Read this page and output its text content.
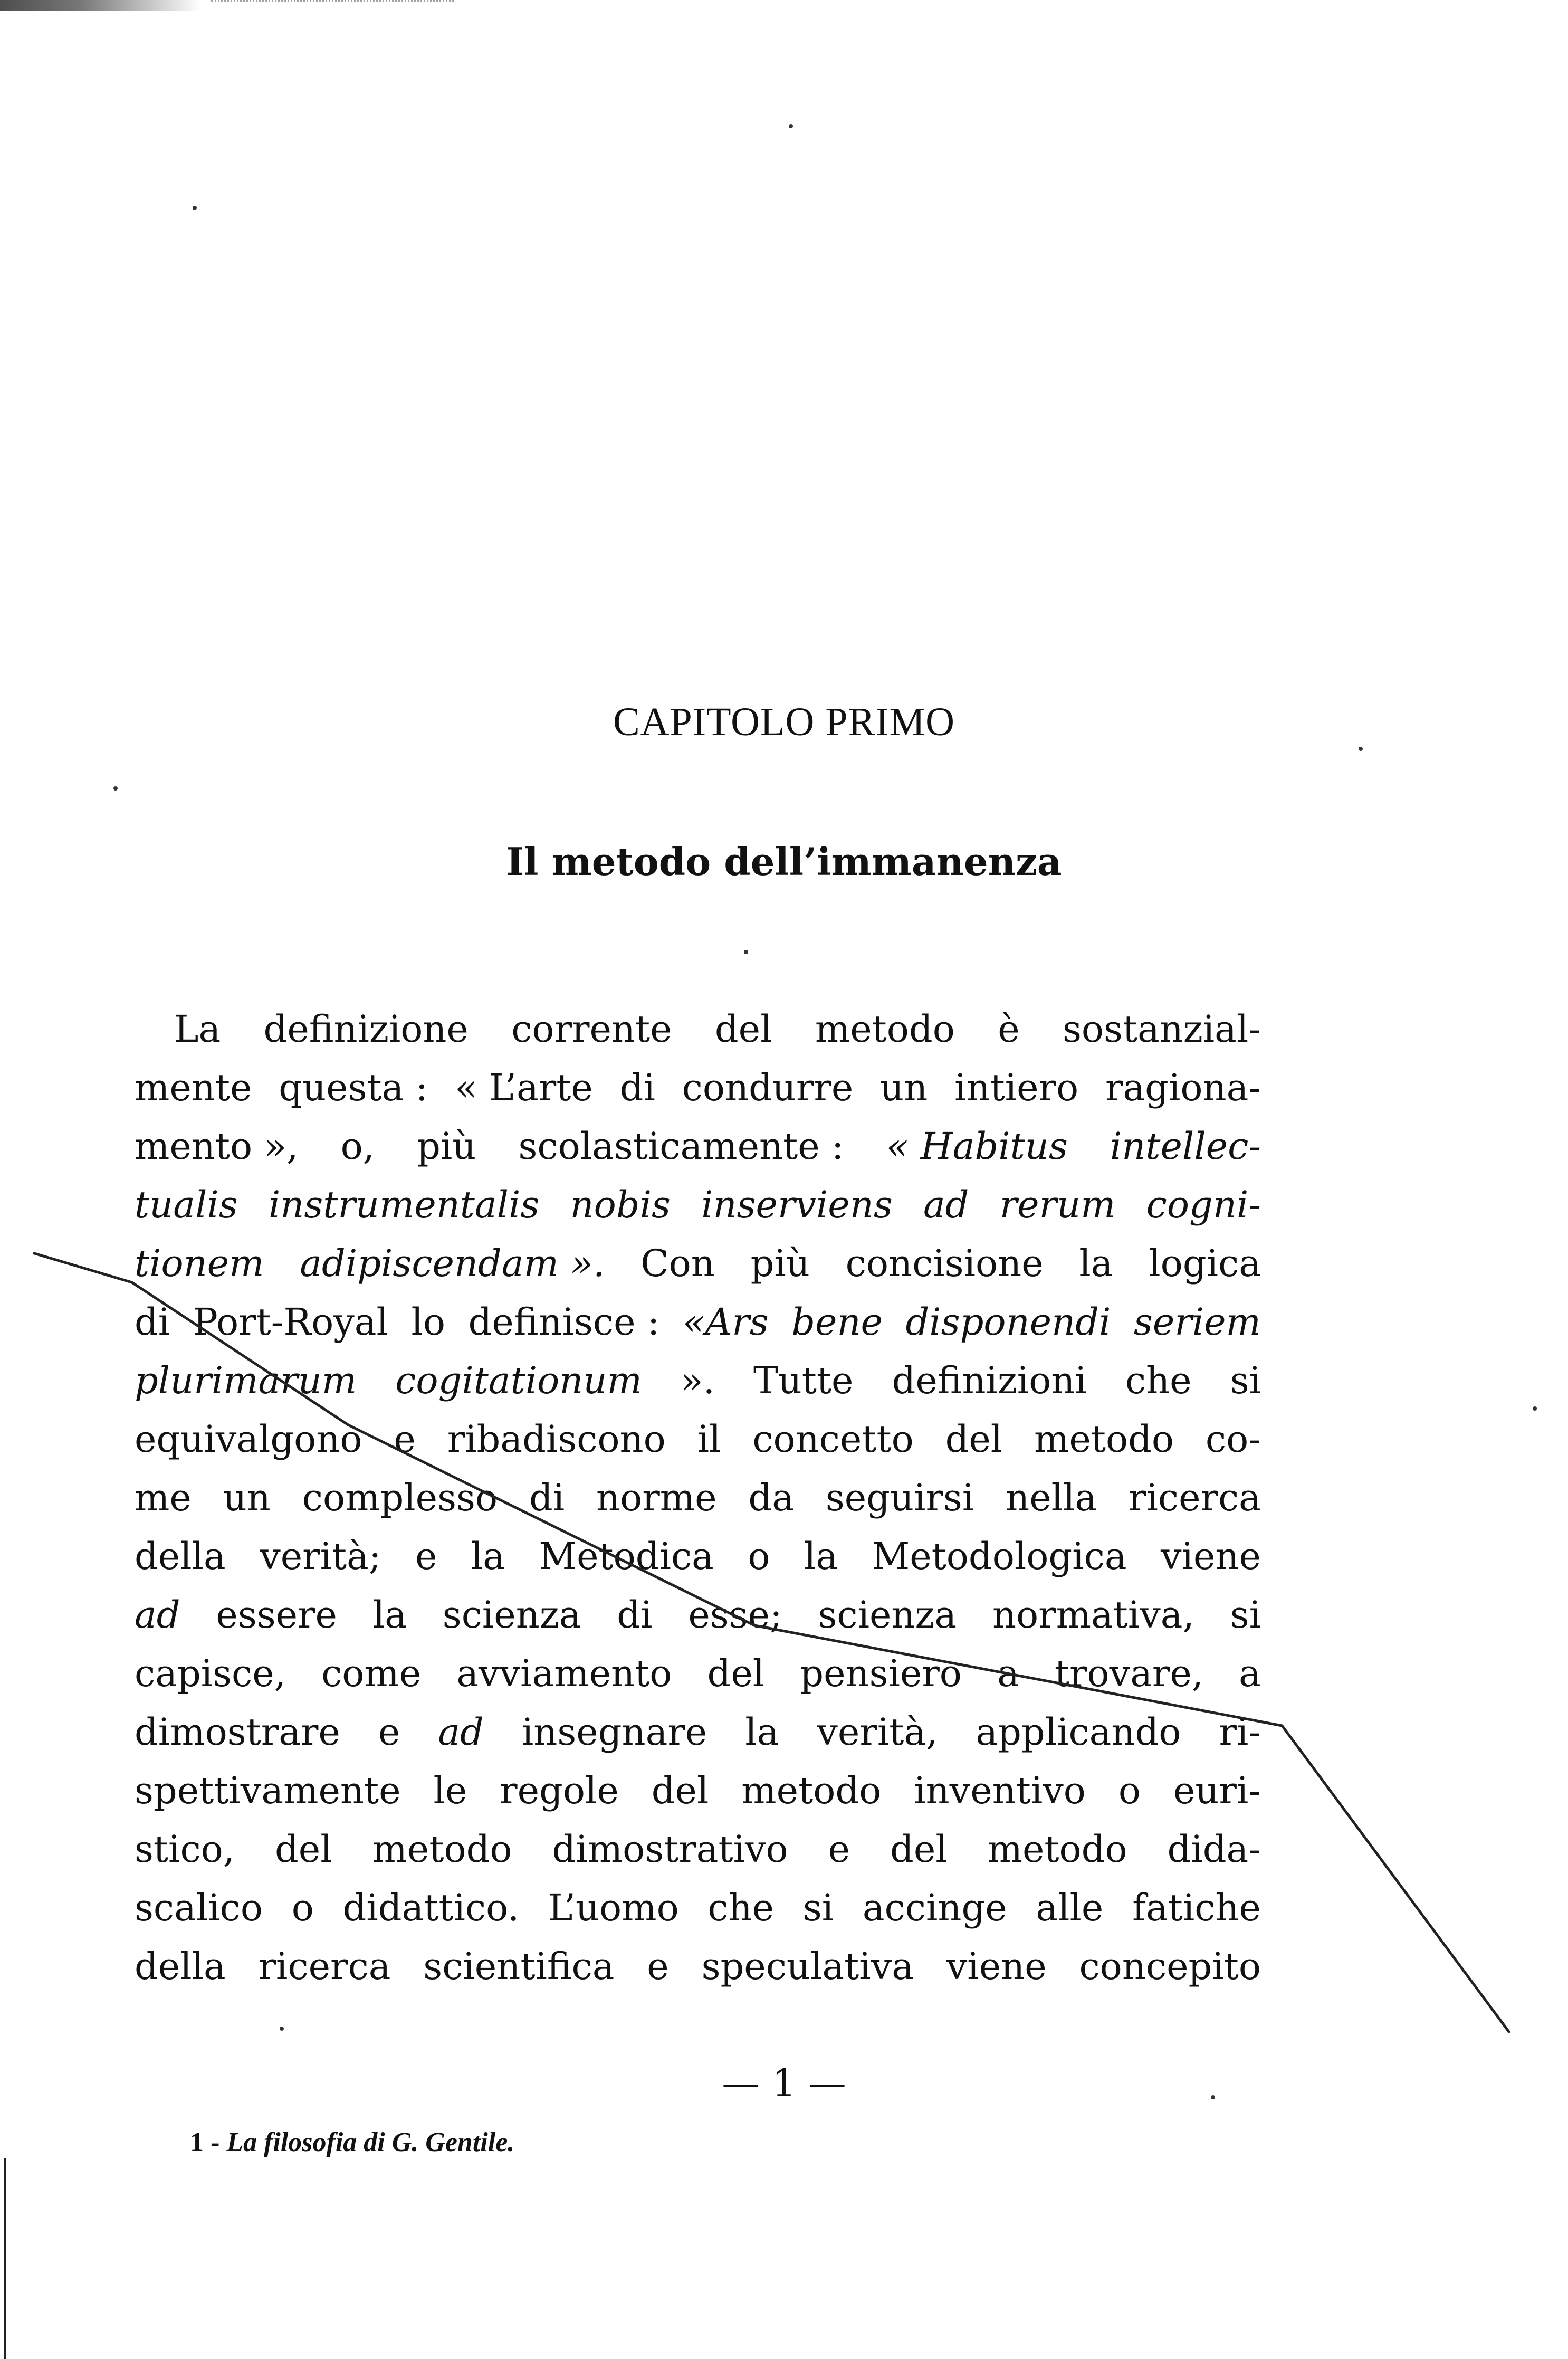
CAPITOLO PRIMO
Il metodo dell’immanenza
La definizione corrente del metodo è sostanzial-
mente questa : « L’arte di condurre un intiero ragiona-
mento », o, più scolasticamente : « Habitus intellec-
tualis instrumentalis nobis inserviens ad rerum cogni-
tionem adipiscendam ». Con più concisione la logica
di Port-Royal lo definisce : «Ars bene disponendi seriem
plurimarum cogitationum ». Tutte definizioni che si
equivalgono e ribadiscono il concetto del metodo co-
me un complesso di norme da seguirsi nella ricerca
della verità; e la Metodica o la Metodologica viene
ad essere la scienza di esse; scienza normativa, si
capisce, come avviamento del pensiero a trovare, a
dimostrare e ad insegnare la verità, applicando ri-
spettivamente le regole del metodo inventivo o euri-
stico, del metodo dimostrativo e del metodo dida-
scalico o didattico. L’uomo che si accinge alle fatiche
della ricerca scientifica e speculativa viene concepito

— 1 —

1 - La filosofia di G. Gentile.
